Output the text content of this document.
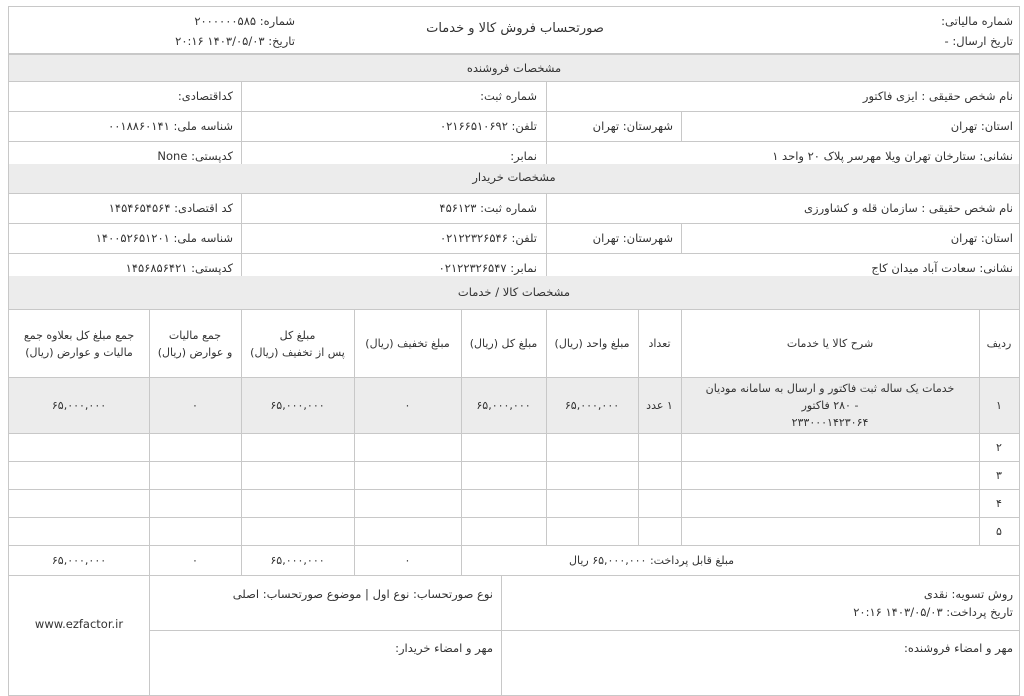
شماره مالیاتی:
تاریخ ارسال: -
صورتحساب فروش کالا و خدمات
شماره: ۲۰۰۰۰۰۰۵۸۵
تاریخ: ۱۴۰۳/۰۵/۰۳ ۲۰:۱۶
مشخصات فروشنده
نام شخص حقیقی : ایزی فاکتور
شماره ثبت:
کداقتصادی:
استان: تهران
شهرستان: تهران
تلفن: ۰۲۱۶۶۵۱۰۶۹۲
شناسه ملی: ۰۰۱۸۸۶۰۱۴۱
نشانی: ستارخان تهران ویلا مهرسر پلاک ۲۰ واحد ۱
نمابر:
کدپستی: None
مشخصات خریدار
نام شخص حقیقی : سازمان قله و کشاورزی
شماره ثبت: ۴۵۶۱۲۳
کد اقتصادی: ۱۴۵۴۶۵۴۵۶۴
استان: تهران
شهرستان: تهران
تلفن: ۰۲۱۲۲۳۲۶۵۴۶
شناسه ملی: ۱۴۰۰۵۲۶۵۱۲۰۱
نشانی: سعادت آباد میدان کاج
نمابر: ۰۲۱۲۲۳۲۶۵۴۷
کدپستی: ۱۴۵۶۸۵۶۴۲۱
مشخصات کالا / خدمات
ردیف
شرح کالا یا خدمات
تعداد
مبلغ واحد (ریال)
مبلغ کل (ریال)
مبلغ تخفیف (ریال)
مبلغ کل
پس از تخفیف (ریال)
جمع مالیات
و عوارض (ریال)
جمع مبلغ کل بعلاوه جمع
مالیات و عوارض (ریال)
۱
خدمات یک ساله ثبت فاکتور و ارسال به سامانه مودیان
- ۲۸۰ فاکتور
۲۳۳۰۰۰۱۴۲۳۰۶۴
۱ عدد
۶۵,۰۰۰,۰۰۰
۶۵,۰۰۰,۰۰۰
۰
۶۵,۰۰۰,۰۰۰
۰
۶۵,۰۰۰,۰۰۰
۲
۳
۴
۵
مبلغ قابل پرداخت: ۶۵,۰۰۰,۰۰۰ ریال
۰
۶۵,۰۰۰,۰۰۰
۰
۶۵,۰۰۰,۰۰۰
روش تسویه: نقدی
تاریخ پرداخت: ۱۴۰۳/۰۵/۰۳ ۲۰:۱۶
نوع صورتحساب: نوع اول | موضوع صورتحساب: اصلی
مهر و امضاء فروشنده:
مهر و امضاء خریدار:
www.ezfactor.ir
